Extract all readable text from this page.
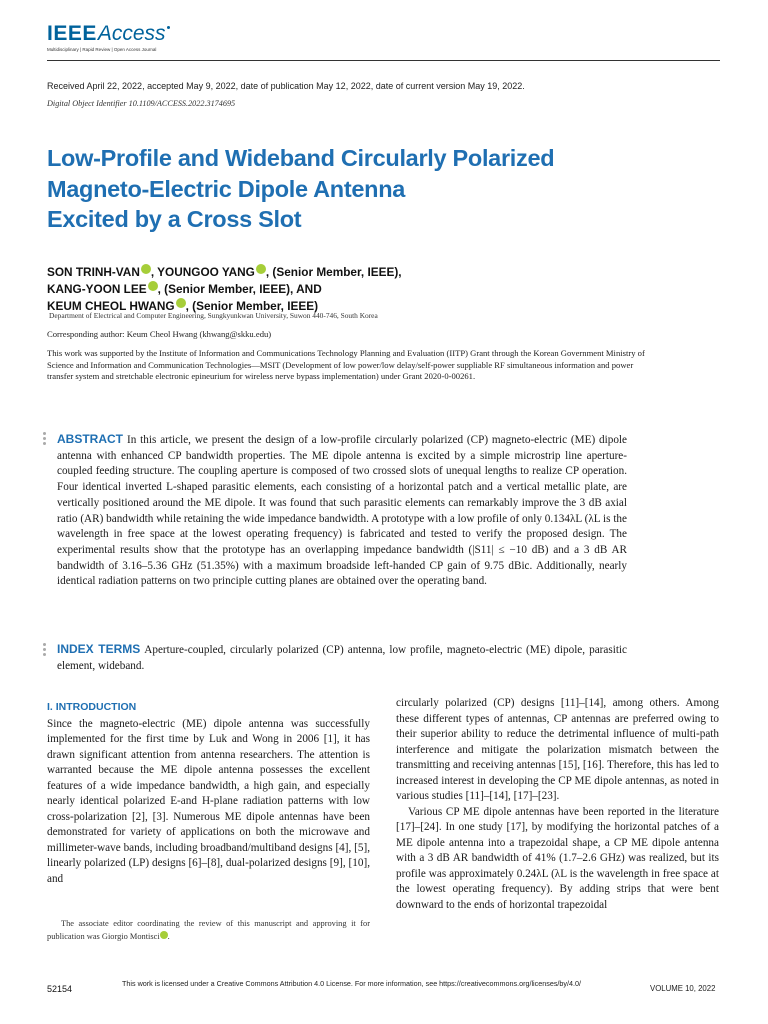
IEEEAccess
Multidisciplinary | Rapid Review | Open Access Journal
Received April 22, 2022, accepted May 9, 2022, date of publication May 12, 2022, date of current version May 19, 2022.
Digital Object Identifier 10.1109/ACCESS.2022.3174695
Low-Profile and Wideband Circularly Polarized
Magneto-Electric Dipole Antenna
Excited by a Cross Slot
SON TRINH-VAN , YOUNGOO YANG , (Senior Member, IEEE),
KANG-YOON LEE , (Senior Member, IEEE), AND
KEUM CHEOL HWANG , (Senior Member, IEEE)
Department of Electrical and Computer Engineering, Sungkyunkwan University, Suwon 440-746, South Korea
Corresponding author: Keum Cheol Hwang (khwang@skku.edu)
This work was supported by the Institute of Information and Communications Technology Planning and Evaluation (IITP) Grant through the Korean Government Ministry of Science and Information and Communication Technologies—MSIT (Development of low power/low delay/self-power suppliable RF simultaneous information and power transfer system and stretchable electronic epineurium for wireless nerve bypass implementation) under Grant 2020-0-00261.
ABSTRACT In this article, we present the design of a low-profile circularly polarized (CP) magneto-electric (ME) dipole antenna with enhanced CP bandwidth properties. The ME dipole antenna is excited by a simple microstrip line aperture-coupled feeding structure. The coupling aperture is composed of two crossed slots of unequal lengths to realize CP operation. Four identical inverted L-shaped parasitic elements, each consisting of a horizontal patch and a vertical metallic plate, are vertically positioned around the ME dipole. It was found that such parasitic elements can remarkably improve the 3 dB axial ratio (AR) bandwidth while retaining the wide impedance bandwidth. A prototype with a low profile of only 0.134λL (λL is the wavelength in free space at the lowest operating frequency) is fabricated and tested to verify the proposed design. The experimental results show that the prototype has an overlapping impedance bandwidth (|S11| ≤ −10 dB) and a 3 dB AR bandwidth of 3.16–5.36 GHz (51.35%) with a maximum broadside left-handed CP gain of 9.75 dBic. Additionally, nearly identical radiation patterns on two principle cutting planes are obtained over the operating band.
INDEX TERMS Aperture-coupled, circularly polarized (CP) antenna, low profile, magneto-electric (ME) dipole, parasitic element, wideband.
I. INTRODUCTION

Since the magneto-electric (ME) dipole antenna was successfully implemented for the first time by Luk and Wong in 2006 [1], it has drawn significant attention from antenna researchers. The attention is warranted because the ME dipole antenna possesses the excellent features of a wide impedance bandwidth, a high gain, and especially nearly identical polarized E-and H-plane radiation patterns with low cross-polarization [2], [3]. Numerous ME dipole antennas have been demonstrated for variety of applications on both the microwave and millimeter-wave bands, including broadband/multiband designs [4], [5], linearly polarized (LP) designs [6]–[8], dual-polarized designs [9], [10], and

circularly polarized (CP) designs [11]–[14], among others. Among these different types of antennas, CP antennas are preferred owing to their superior ability to reduce the detrimental influence of multi-path interference and mitigate the polarization mismatch between the transmitting and receiving antennas [15], [16]. Therefore, this has led to increased interest in developing the CP ME dipole antennas, as noted in various studies [11]–[14], [17]–[23].

Various CP ME dipole antennas have been reported in the literature [17]–[24]. In one study [17], by modifying the horizontal patches of a ME dipole antenna into a trapezoidal shape, a CP ME dipole antenna with a 3 dB AR bandwidth of 41% (1.7–2.6 GHz) was realized, but its profile was approximately 0.24λL (λL is the wavelength in free space at the lowest operating frequency). By adding strips that were bent downward to the ends of horizontal trapezoidal

The associate editor coordinating the review of this manuscript and approving it for publication was Giorgio Montisci .
52154
This work is licensed under a Creative Commons Attribution 4.0 License. For more information, see https://creativecommons.org/licenses/by/4.0/
VOLUME 10, 2022
